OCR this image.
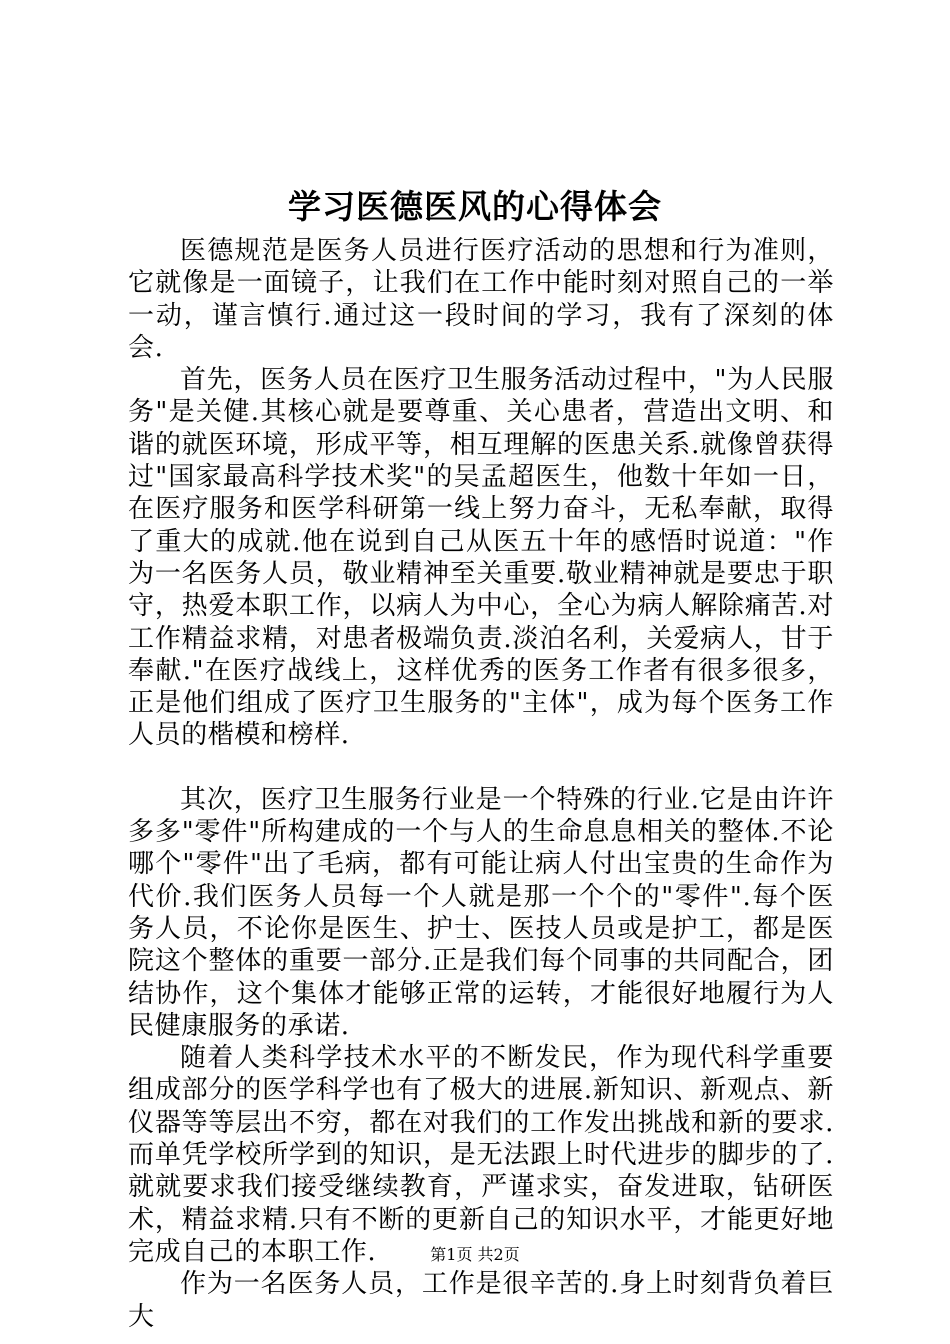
学习医德医风的心得体会

医德规范是医务人员进行医疗活动的思想和行为准则，它就像是一面镜子，让我们在工作中能时刻对照自己的一举一动，谨言慎行.通过这一段时间的学习，我有了深刻的体会.

首先，医务人员在医疗卫生服务活动过程中，"为人民服务"是关健.其核心就是要尊重、关心患者，营造出文明、和谐的就医环境，形成平等，相互理解的医患关系.就像曾获得过"国家最高科学技术奖"的吴孟超医生，他数十年如一日，在医疗服务和医学科研第一线上努力奋斗，无私奉献，取得了重大的成就.他在说到自己从医五十年的感悟时说道："作为一名医务人员，敬业精神至关重要.敬业精神就是要忠于职守，热爱本职工作，以病人为中心，全心为病人解除痛苦.对工作精益求精，对患者极端负责.淡泊名利，关爱病人，甘于奉献."在医疗战线上，这样优秀的医务工作者有很多很多，正是他们组成了医疗卫生服务的"主体"，成为每个医务工作人员的楷模和榜样.

其次，医疗卫生服务行业是一个特殊的行业.它是由许许多多"零件"所构建成的一个与人的生命息息相关的整体.不论哪个"零件"出了毛病，都有可能让病人付出宝贵的生命作为代价.我们医务人员每一个人就是那一个个的"零件".每个医务人员，不论你是医生、护士、医技人员或是护工，都是医院这个整体的重要一部分.正是我们每个同事的共同配合，团结协作，这个集体才能够正常的运转，才能很好地履行为人民健康服务的承诺.

随着人类科学技术水平的不断发民，作为现代科学重要组成部分的医学科学也有了极大的进展.新知识、新观点、新仪器等等层出不穷，都在对我们的工作发出挑战和新的要求.而单凭学校所学到的知识，是无法跟上时代进步的脚步的了.就就要求我们接受继续教育，严谨求实，奋发进取，钻研医术，精益求精.只有不断的更新自己的知识水平，才能更好地完成自己的本职工作.

作为一名医务人员，工作是很辛苦的.身上时刻背负着巨大

第1页 共2页
